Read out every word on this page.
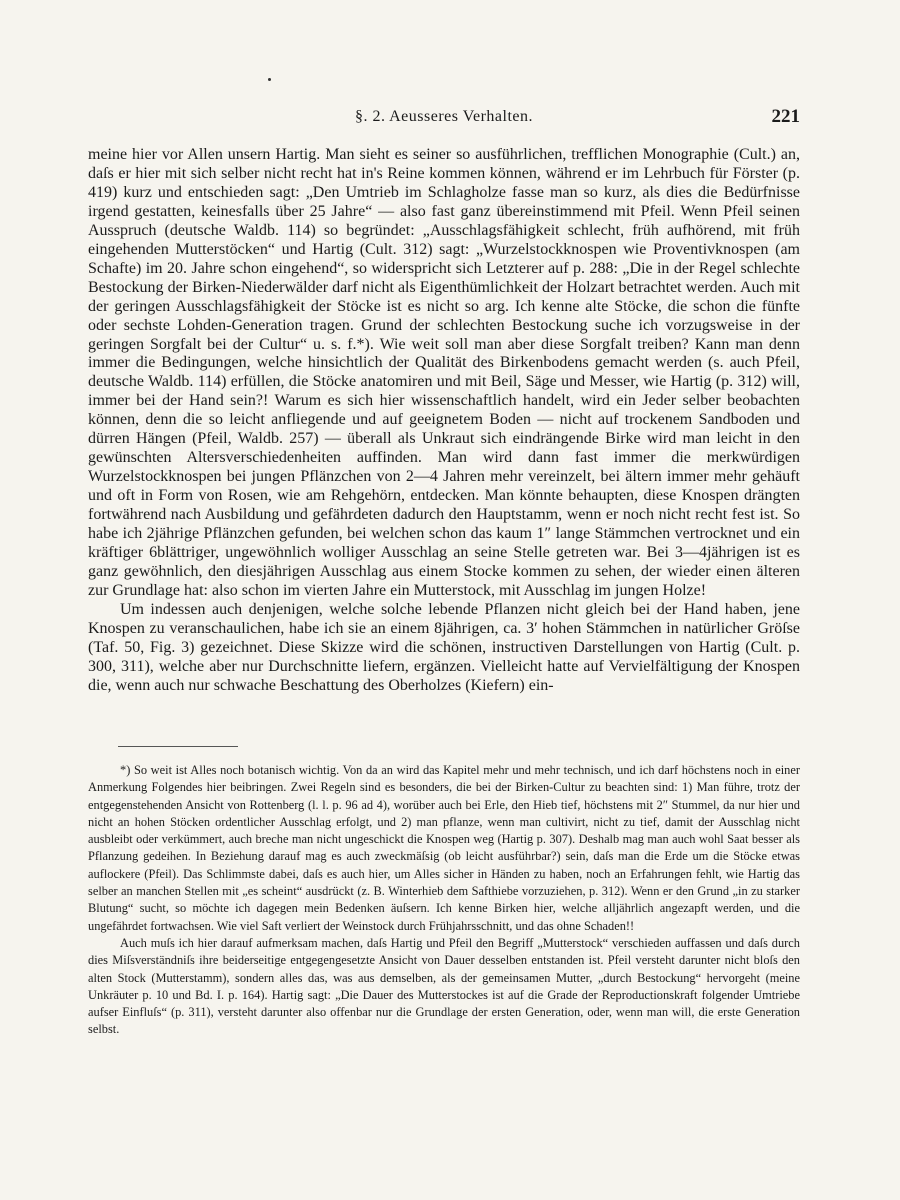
§. 2. Aeusseres Verhalten.	221

meine hier vor Allen unsern Hartig. Man sieht es seiner so ausführlichen, trefflichen Monographie (Cult.) an, daſs er hier mit sich selber nicht recht hat in's Reine kommen können, während er im Lehrbuch für Förster (p. 419) kurz und entschieden sagt: „Den Umtrieb im Schlagholze fasse man so kurz, als dies die Bedürfnisse irgend gestatten, keinesfalls über 25 Jahre“ — also fast ganz übereinstimmend mit Pfeil. Wenn Pfeil seinen Ausspruch (deutsche Waldb. 114) so begründet: „Ausschlagsfähigkeit schlecht, früh aufhörend, mit früh eingehenden Mutterstöcken“ und Hartig (Cult. 312) sagt: „Wurzelstockknospen wie Proventivknospen (am Schafte) im 20. Jahre schon eingehend“, so widerspricht sich Letzterer auf p. 288: „Die in der Regel schlechte Bestockung der Birken-Niederwälder darf nicht als Eigenthümlichkeit der Holzart betrachtet werden. Auch mit der geringen Ausschlagsfähigkeit der Stöcke ist es nicht so arg. Ich kenne alte Stöcke, die schon die fünfte oder sechste Lohden-Generation tragen. Grund der schlechten Bestockung suche ich vorzugsweise in der geringen Sorgfalt bei der Cultur“ u. s. f.*). Wie weit soll man aber diese Sorgfalt treiben? Kann man denn immer die Bedingungen, welche hinsichtlich der Qualität des Birkenbodens gemacht werden (s. auch Pfeil, deutsche Waldb. 114) erfüllen, die Stöcke anatomiren und mit Beil, Säge und Messer, wie Hartig (p. 312) will, immer bei der Hand sein?! Warum es sich hier wissenschaftlich handelt, wird ein Jeder selber beobachten können, denn die so leicht anfliegende und auf geeignetem Boden — nicht auf trockenem Sandboden und dürren Hängen (Pfeil, Waldb. 257) — überall als Unkraut sich eindrängende Birke wird man leicht in den gewünschten Altersverschiedenheiten auffinden. Man wird dann fast immer die merkwürdigen Wurzelstockknospen bei jungen Pflänzchen von 2—4 Jahren mehr vereinzelt, bei ältern immer mehr gehäuft und oft in Form von Rosen, wie am Rehgehörn, entdecken. Man könnte behaupten, diese Knospen drängten fortwährend nach Ausbildung und gefährdeten dadurch den Hauptstamm, wenn er noch nicht recht fest ist. So habe ich 2jährige Pflänzchen gefunden, bei welchen schon das kaum 1″ lange Stämmchen vertrocknet und ein kräftiger 6blättriger, ungewöhnlich wolliger Ausschlag an seine Stelle getreten war. Bei 3—4jährigen ist es ganz gewöhnlich, den diesjährigen Ausschlag aus einem Stocke kommen zu sehen, der wieder einen älteren zur Grundlage hat: also schon im vierten Jahre ein Mutterstock, mit Ausschlag im jungen Holze!

Um indessen auch denjenigen, welche solche lebende Pflanzen nicht gleich bei der Hand haben, jene Knospen zu veranschaulichen, habe ich sie an einem 8jährigen, ca. 3′ hohen Stämmchen in natürlicher Gröſse (Taf. 50, Fig. 3) gezeichnet. Diese Skizze wird die schönen, instructiven Darstellungen von Hartig (Cult. p. 300, 311), welche aber nur Durchschnitte liefern, ergänzen. Vielleicht hatte auf Vervielfältigung der Knospen die, wenn auch nur schwache Beschattung des Oberholzes (Kiefern) ein-

*) So weit ist Alles noch botanisch wichtig. Von da an wird das Kapitel mehr und mehr technisch, und ich darf höchstens noch in einer Anmerkung Folgendes hier beibringen. Zwei Regeln sind es besonders, die bei der Birken-Cultur zu beachten sind: 1) Man führe, trotz der entgegenstehenden Ansicht von Rottenberg (l. l. p. 96 ad 4), worüber auch bei Erle, den Hieb tief, höchstens mit 2″ Stummel, da nur hier und nicht an hohen Stöcken ordentlicher Ausschlag erfolgt, und 2) man pflanze, wenn man cultivirt, nicht zu tief, damit der Ausschlag nicht ausbleibt oder verkümmert, auch breche man nicht ungeschickt die Knospen weg (Hartig p. 307). Deshalb mag man auch wohl Saat besser als Pflanzung gedeihen. In Beziehung darauf mag es auch zweckmäſsig (ob leicht ausführbar?) sein, daſs man die Erde um die Stöcke etwas auflockere (Pfeil). Das Schlimmste dabei, daſs es auch hier, um Alles sicher in Händen zu haben, noch an Erfahrungen fehlt, wie Hartig das selber an manchen Stellen mit „es scheint“ ausdrückt (z. B. Winterhieb dem Safthiebe vorzuziehen, p. 312). Wenn er den Grund „in zu starker Blutung“ sucht, so möchte ich dagegen mein Bedenken äuſsern. Ich kenne Birken hier, welche alljährlich angezapft werden, und die ungefährdet fortwachsen. Wie viel Saft verliert der Weinstock durch Frühjahrsschnitt, und das ohne Schaden!!

Auch muſs ich hier darauf aufmerksam machen, daſs Hartig und Pfeil den Begriff „Mutterstock“ verschieden auffassen und daſs durch dies Miſsverständniſs ihre beiderseitige entgegengesetzte Ansicht von Dauer desselben entstanden ist. Pfeil versteht darunter nicht bloſs den alten Stock (Mutterstamm), sondern alles das, was aus demselben, als der gemeinsamen Mutter, „durch Bestockung“ hervorgeht (meine Unkräuter p. 10 und Bd. I. p. 164). Hartig sagt: „Die Dauer des Mutterstockes ist auf die Grade der Reproductionskraft folgender Umtriebe aufser Einfluſs“ (p. 311), versteht darunter also offenbar nur die Grundlage der ersten Generation, oder, wenn man will, die erste Generation selbst.
